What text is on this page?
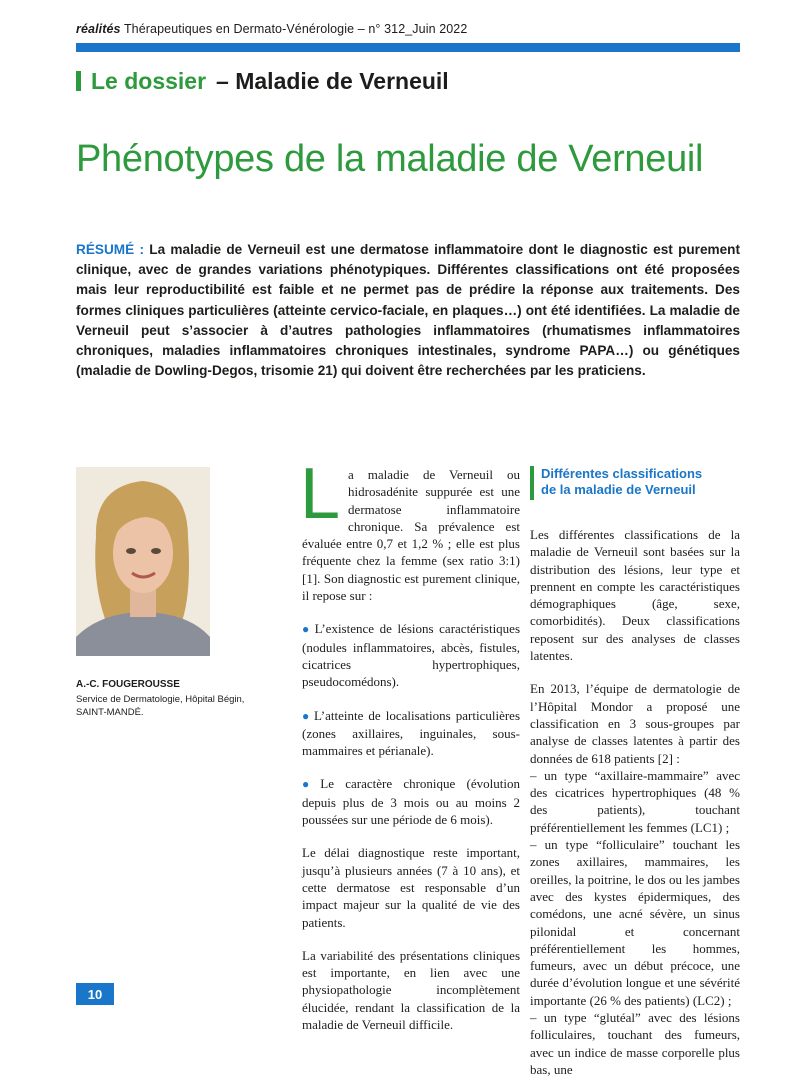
réalités Thérapeutiques en Dermato-Vénérologie – n° 312_Juin 2022
Le dossier – Maladie de Verneuil
Phénotypes de la maladie de Verneuil
RÉSUMÉ : La maladie de Verneuil est une dermatose inflammatoire dont le diagnostic est purement clinique, avec de grandes variations phénotypiques. Différentes classifications ont été proposées mais leur reproductibilité est faible et ne permet pas de prédire la réponse aux traitements. Des formes cliniques particulières (atteinte cervico-faciale, en plaques…) ont été identifiées. La maladie de Verneuil peut s’associer à d’autres pathologies inflammatoires (rhumatismes inflammatoires chroniques, maladies inflammatoires chroniques intestinales, syndrome PAPA…) ou génétiques (maladie de Dowling-Degos, trisomie 21) qui doivent être recherchées par les praticiens.
A.-C. FOUGEROUSSE
Service de Dermatologie, Hôpital Bégin, SAINT-MANDÉ.

La maladie de Verneuil ou hidrosadénite suppurée est une dermatose inflammatoire chronique. Sa prévalence est évaluée entre 0,7 et 1,2 % ; elle est plus fréquente chez la femme (sex ratio 3:1) [1]. Son diagnostic est purement clinique, il repose sur :

● L’existence de lésions caractéristiques (nodules inflammatoires, abcès, fistules, cicatrices hypertrophiques, pseudocomédons).

● L’atteinte de localisations particulières (zones axillaires, inguinales, sous-mammaires et périanale).

● Le caractère chronique (évolution depuis plus de 3 mois ou au moins 2 poussées sur une période de 6 mois).

Le délai diagnostique reste important, jusqu’à plusieurs années (7 à 10 ans), et cette dermatose est responsable d’un impact majeur sur la qualité de vie des patients.

La variabilité des présentations cliniques est importante, en lien avec une physiopathologie incomplètement élucidée, rendant la classification de la maladie de Verneuil difficile.

Différentes classifications
de la maladie de Verneuil

Les différentes classifications de la maladie de Verneuil sont basées sur la distribution des lésions, leur type et prennent en compte les caractéristiques démographiques (âge, sexe, comorbidités). Deux classifications reposent sur des analyses de classes latentes.

En 2013, l’équipe de dermatologie de l’Hôpital Mondor a proposé une classification en 3 sous-groupes par analyse de classes latentes à partir des données de 618 patients [2] :
– un type “axillaire-mammaire” avec des cicatrices hypertrophiques (48 % des patients), touchant préférentiellement les femmes (LC1) ;
– un type “folliculaire” touchant les zones axillaires, mammaires, les oreilles, la poitrine, le dos ou les jambes avec des kystes épidermiques, des comédons, une acné sévère, un sinus pilonidal et concernant préférentiellement les hommes, fumeurs, avec un début précoce, une durée d’évolution longue et une sévérité importante (26 % des patients) (LC2) ;
– un type “glutéal” avec des lésions folliculaires, touchant des fumeurs, avec un indice de masse corporelle plus bas, une

10
